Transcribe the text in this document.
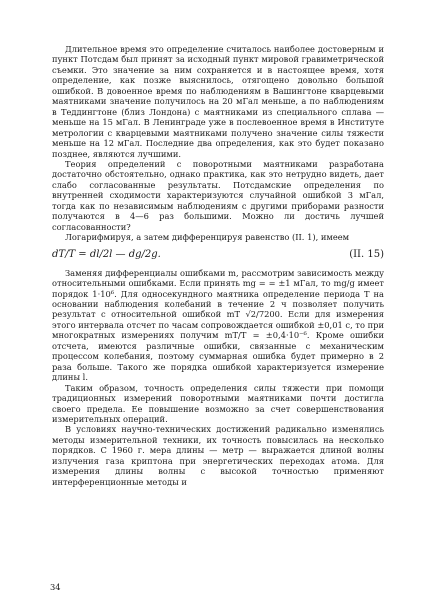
Длительное время это определение считалось наиболее достоверным и пункт Потсдам был принят за исходный пункт мировой гравиметрической съемки. Это значение за ним сохраняется и в настоящее время, хотя определение, как позже выяснилось, отягощено довольно большой ошибкой. В довоенное время по наблюдениям в Вашингтоне кварцевыми маятниками значение получилось на 20 мГал меньше, а по наблюдениям в Теддингтоне (близ Лондона) с маятниками из специального сплава — меньше на 15 мГал. В Ленинграде уже в послевоенное время в Институте метрологии с кварцевыми маятниками получено значение силы тяжести меньше на 12 мГал. Последние два определения, как это будет показано позднее, являются лучшими.

Теория определений с поворотными маятниками разработана достаточно обстоятельно, однако практика, как это нетрудно видеть, дает слабо согласованные результаты. Потсдамские определения по внутренней сходимости характеризуются случайной ошибкой 3 мГал, тогда как по независимым наблюдениям с другими приборами разности получаются в 4—6 раз большими. Можно ли достичь лучшей согласованности?

Логарифмируя, а затем дифференцируя равенство (II. 1), имеем

dT/T = dl/2l — dg/2g.	(II. 15)

Заменяя дифференциалы ошибками m, рассмотрим зависимость между относительными ошибками. Если принять mg = = ±1 мГал, то mg/g имеет порядок 1·10⁶. Для односекундного маятника определение периода T на основании наблюдения колебаний в течение 2 ч позволяет получить результат с относительной ошибкой mT √2/7200. Если для измерения этого интервала отсчет по часам сопровождается ошибкой ±0,01 с, то при многократных измерениях получим mT/T = ±0,4·10⁻⁶. Кроме ошибки отсчета, имеются различные ошибки, связанные с механическим процессом колебания, поэтому суммарная ошибка будет примерно в 2 раза больше. Такого же порядка ошибкой характеризуется измерение длины l.

Таким образом, точность определения силы тяжести при помощи традиционных измерений поворотными маятниками почти достигла своего предела. Ее повышение возможно за счет совершенствования измерительных операций.

В условиях научно-технических достижений радикально изменялись методы измерительной техники, их точность повысилась на несколько порядков. С 1960 г. мера длины — метр — выражается длиной волны излучения газа криптона при энергетических переходах атома. Для измерения длины волны с высокой точностью применяют интерференционные методы и

34
